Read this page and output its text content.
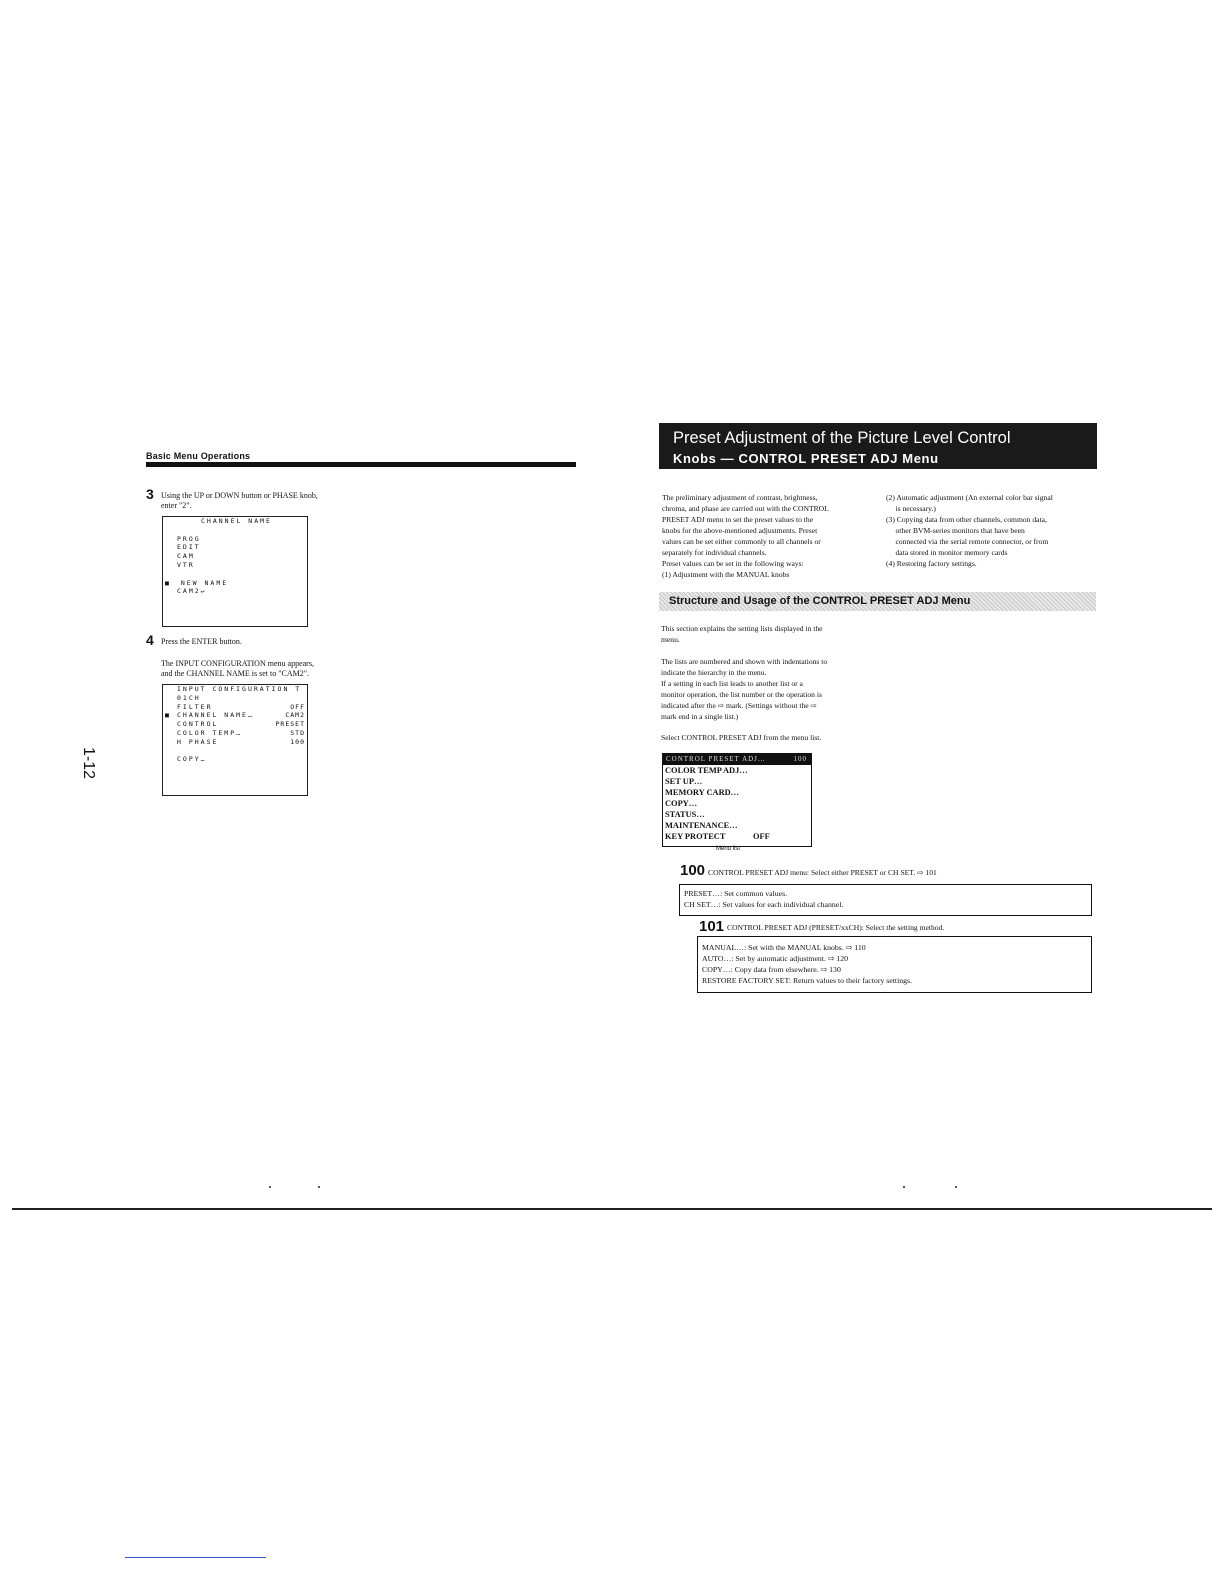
Basic Menu Operations
3 Using the UP or DOWN button or PHASE knob,
enter "2".
CHANNEL NAME
PROG
EDIT
CAM
VTR
■ NEW NAME
CAM2↵
4 Press the ENTER button.
The INPUT CONFIGURATION menu appears,
and the CHANNEL NAME is set to "CAM2".
INPUT CONFIGURATION T
01CH
FILTER	OFF
■ CHANNEL NAME…	CAM2
CONTROL	PRESET
COLOR TEMP…	STD
H PHASE	100
COPY…
1-12
Preset Adjustment of the Picture Level Control
Knobs — CONTROL PRESET ADJ Menu
The preliminary adjustment of contrast, brightness,
chroma, and phase are carried out with the CONTROL
PRESET ADJ menu to set the preset values to the
knobs for the above-mentioned adjustments. Preset
values can be set either commonly to all channels or
separately for individual channels.
Preset values can be set in the following ways:
(1) Adjustment with the MANUAL knobs
(2) Automatic adjustment (An external color bar signal
is necessary.)
(3) Copying data from other channels, common data,
other BVM-series monitors that have been
connected via the serial remote connector, or from
data stored in monitor memory cards
(4) Restoring factory settings.
Structure and Usage of the CONTROL PRESET ADJ Menu
This section explains the setting lists displayed in the
menu.
The lists are numbered and shown with indentations to
indicate the hierarchy in the menu.
If a setting in each list leads to another list or a
monitor operation, the list number or the operation is
indicated after the ⇨ mark. (Settings without the ⇨
mark end in a single list.)
Select CONTROL PRESET ADJ from the menu list.
CONTROL PRESET ADJ…	100
COLOR TEMP ADJ…
SET UP…
MEMORY CARD…
COPY…
STATUS…
MAINTENANCE…
KEY PROTECT	OFF
Menu list
100 CONTROL PRESET ADJ menu: Select either PRESET or CH SET. ⇨ 101
PRESET…: Set common values.
CH SET…: Set values for each individual channel.
101 CONTROL PRESET ADJ (PRESET/xxCH): Select the setting method.
MANUAL…: Set with the MANUAL knobs. ⇨ 110
AUTO…: Set by automatic adjustment. ⇨ 120
COPY…: Copy data from elsewhere. ⇨ 130
RESTORE FACTORY SET: Return values to their factory settings.
